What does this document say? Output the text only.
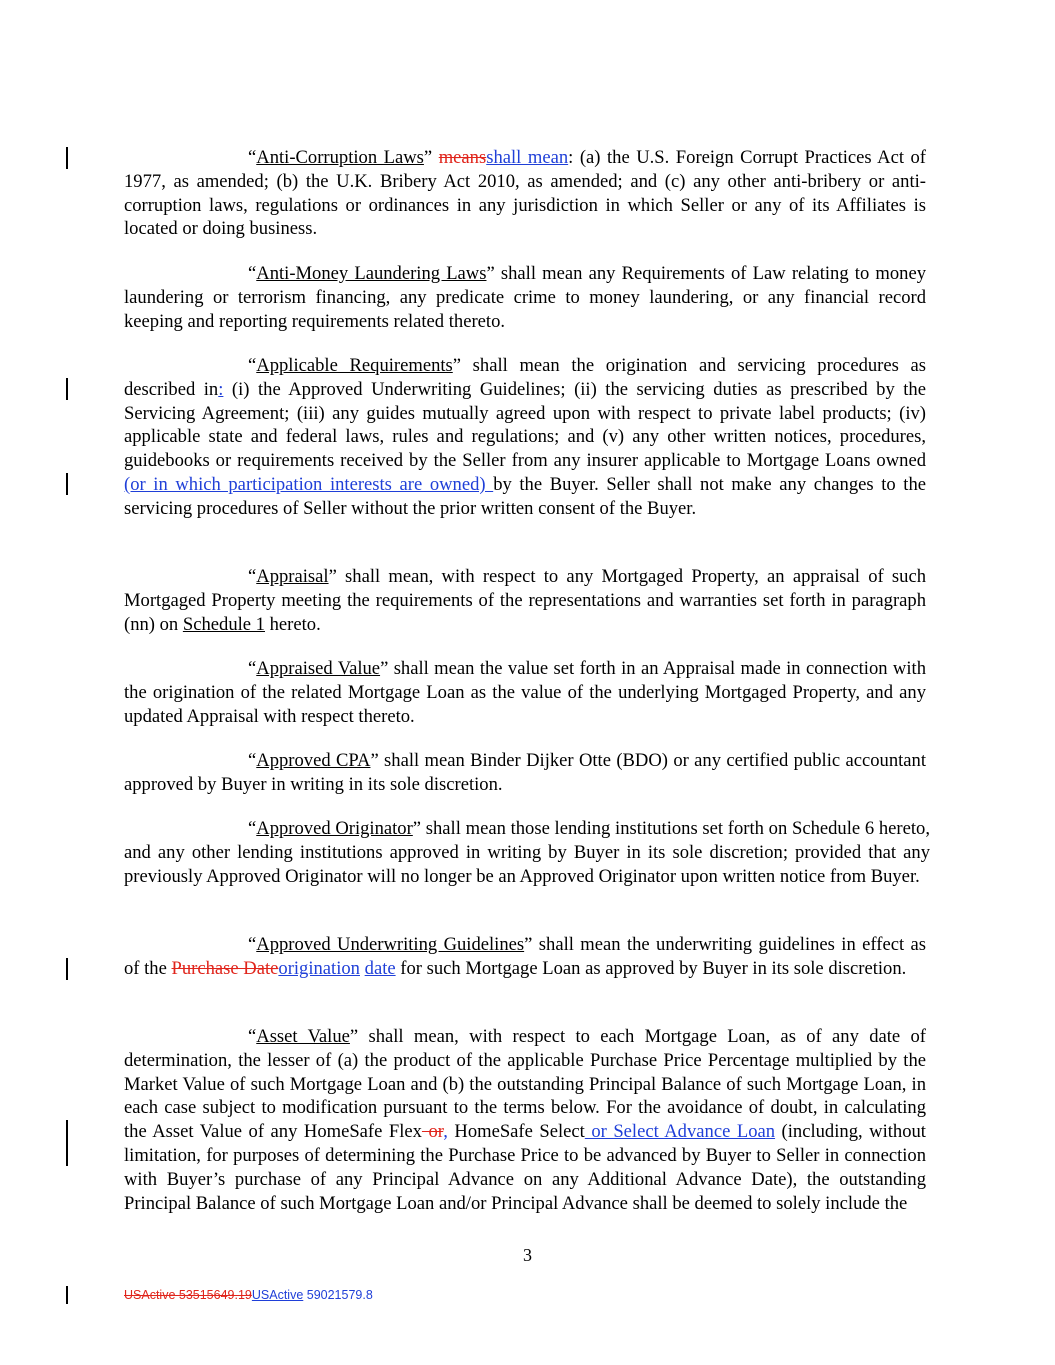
“Anti-Corruption Laws” meansshall mean: (a) the U.S. Foreign Corrupt Practices Act of 1977, as amended; (b) the U.K. Bribery Act 2010, as amended; and (c) any other anti-bribery or anti-corruption laws, regulations or ordinances in any jurisdiction in which Seller or any of its Affiliates is located or doing business.

“Anti-Money Laundering Laws” shall mean any Requirements of Law relating to money laundering or terrorism financing, any predicate crime to money laundering, or any financial record keeping and reporting requirements related thereto.

“Applicable Requirements” shall mean the origination and servicing procedures as described in: (i) the Approved Underwriting Guidelines; (ii) the servicing duties as prescribed by the Servicing Agreement; (iii) any guides mutually agreed upon with respect to private label products; (iv) applicable state and federal laws, rules and regulations; and (v) any other written notices, procedures, guidebooks or requirements received by the Seller from any insurer applicable to Mortgage Loans owned (or in which participation interests are owned) by the Buyer. Seller shall not make any changes to the servicing procedures of Seller without the prior written consent of the Buyer.

“Appraisal” shall mean, with respect to any Mortgaged Property, an appraisal of such Mortgaged Property meeting the requirements of the representations and warranties set forth in paragraph (nn) on Schedule 1 hereto.

“Appraised Value” shall mean the value set forth in an Appraisal made in connection with the origination of the related Mortgage Loan as the value of the underlying Mortgaged Property, and any updated Appraisal with respect thereto.

“Approved CPA” shall mean Binder Dijker Otte (BDO) or any certified public accountant approved by Buyer in writing in its sole discretion.

“Approved Originator” shall mean those lending institutions set forth on Schedule 6 hereto, and any other lending institutions approved in writing by Buyer in its sole discretion; provided that any previously Approved Originator will no longer be an Approved Originator upon written notice from Buyer.

“Approved Underwriting Guidelines” shall mean the underwriting guidelines in effect as of the Purchase Dateorigination date for such Mortgage Loan as approved by Buyer in its sole discretion.

“Asset Value” shall mean, with respect to each Mortgage Loan, as of any date of determination, the lesser of (a) the product of the applicable Purchase Price Percentage multiplied by the Market Value of such Mortgage Loan and (b) the outstanding Principal Balance of such Mortgage Loan, in each case subject to modification pursuant to the terms below. For the avoidance of doubt, in calculating the Asset Value of any HomeSafe Flex or, HomeSafe Select or Select Advance Loan (including, without limitation, for purposes of determining the Purchase Price to be advanced by Buyer to Seller in connection with Buyer’s purchase of any Principal Advance on any Additional Advance Date), the outstanding Principal Balance of such Mortgage Loan and/or Principal Advance shall be deemed to solely include the

3
USActive 53515649.19USActive 59021579.8
